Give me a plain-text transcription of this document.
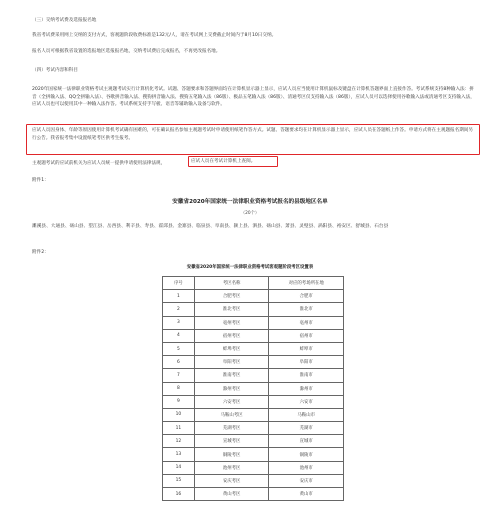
（三）交纳考试费及选报报名地
我省考试费采用网上交纳的支付方式，客观题阶段收费标准是132元/人，请在考试网上交费截止时间内于8月10日交纳。
报名人员可根据我省设置的选报地区选报报名地，交纳考试费后完成报名，不再更改报名地。
（四）考试内容和科目
2020年国家统一法律职业资格考试主观题考试实行计算机化考试。试题、答题要求和答题界面均在计算机显示器上显示，应试人员应当使用计算机鼠标及键盘在计算机答题界面上直接作答。考试系统支持8种输入法：拼音（全拼输入法、QQ全拼输入法）、谷歌拼音输入法、搜狗拼音输入法、搜狗五笔输入法（86版）、极品五笔输入法（86版）、清通考区仅支持输入法（86版），应试人员可以选择使用谷歌输入法或清通考区支持输入法，应试人员也可以使用其中一种输入法作答。考试系统支持手写板、语音等辅助输入设备与软件。
应试人员因身体、年龄等原因使用计算机考试确有困难的，可在确认报名参加主观题考试时申请使用纸笔作答方式。试题、答题要求均在计算机显示器上显示，应试人员在答题纸上作答。申请方式将在主观题报名期间另行公告。我省报考集中设置纸笔考区供考生报考。
主观题考试的应试前机关为应试人员统一提供申请使用法律法规，	应试人员在考试计算机上查阅。
附件1：
安徽省2020年国家统一法律职业资格考试报名的县级地区名单
（20个）
濉溪县、大通县、砀山县、望江县、岳西县、利辛县、寿县、霍邱县、金寨县、临泉县、阜南县、颍上县、泗县、砀山县、萧县、灵璧县、涡阳县、裕安区、舒城县、石台县
附件2：
安徽省2020年国家统一法律职业资格考试客观题阶段考区设置表
序号	考区名称	对应的考场所在地
1	合肥考区	合肥市
2	淮北考区	淮北市
3	亳州考区	亳州市
4	宿州考区	宿州市
5	蚌埠考区	蚌埠市
6	阜阳考区	阜阳市
7	淮南考区	淮南市
8	滁州考区	滁州市
9	六安考区	六安市
10	马鞍山考区	马鞍山市
11	芜湖考区	芜湖市
12	宣城考区	宣城市
13	铜陵考区	铜陵市
14	池州考区	池州市
15	安庆考区	安庆市
16	黄山考区	黄山市
